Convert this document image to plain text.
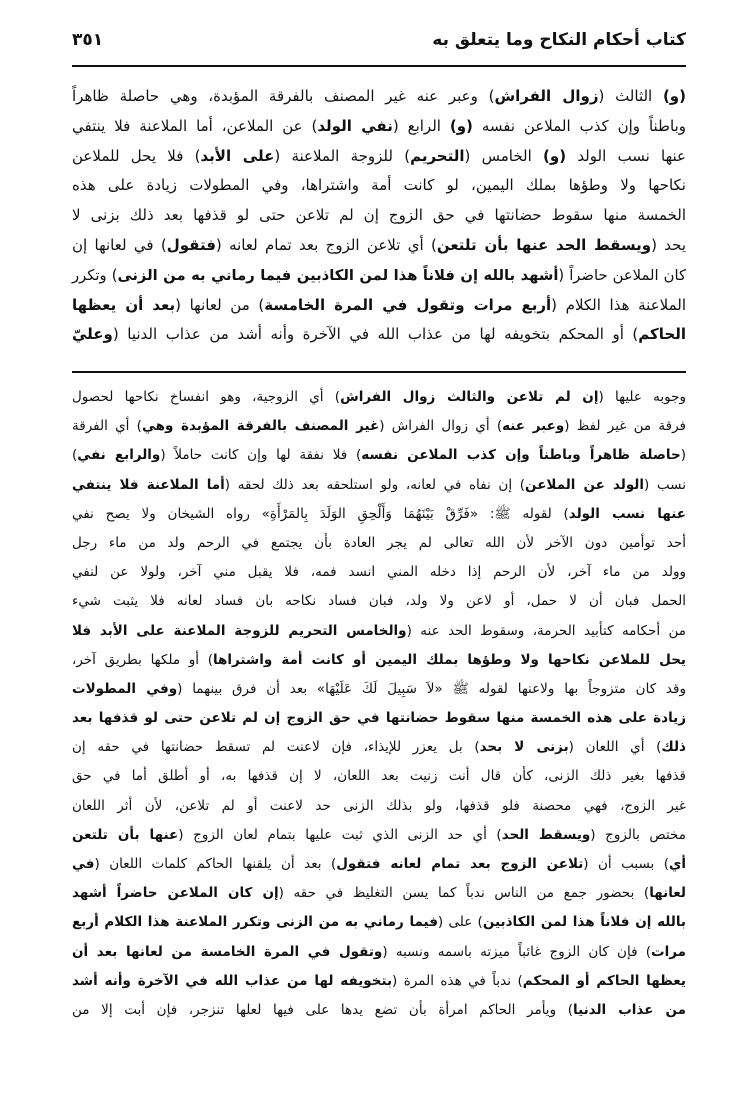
كتاب أحكام النكاح وما يتعلق به
٣٥١
(و) الثالث (زوال الفراش) وعبر عنه غير المصنف بالفرقة المؤبدة، وهي حاصلة ظاهراً
وباطناً وإن كذب الملاعن نفسه (و) الرابع (نفي الولد) عن الملاعن، أما الملاعنة فلا ينتفي
عنها نسب الولد (و) الخامس (التحريم) للزوجة الملاعنة (على الأبد) فلا يحل للملاعن
نكاحها ولا وطؤها بملك اليمين، لو كانت أمة واشتراها، وفي المطولات زيادة على هذه
الخمسة منها سقوط حضانتها في حق الزوج إن لم تلاعن حتى لو قذفها بعد ذلك بزنى لا
يحد (ويسقط الحد عنها بأن تلتعن) أي تلاعن الزوج بعد تمام لعانه (فتقول) في لعانها إن
كان الملاعن حاضراً (أشهد بالله إن فلاناً هذا لمن الكاذبين فيما رماني به من الزنى) وتكرر
الملاعنة هذا الكلام (أربع مرات وتقول في المرة الخامسة) من لعانها (بعد أن يعظها
الحاكم) أو المحكم بتخويفه لها من عذاب الله في الآخرة وأنه أشد من عذاب الدنيا (وعليّ
وجوبه عليها (إن لم تلاعن والثالث زوال الفراش) أي الزوجية، وهو انفساخ نكاحها لحصول
فرقة من غير لفظ (وعبر عنه) أي زوال الفراش (غير المصنف بالفرقة المؤبدة وهي) أي الفرقة
(حاصلة ظاهراً وباطناً وإن كذب الملاعن نفسه) فلا نفقة لها وإن كانت حاملاً (والرابع نفي)
نسب (الولد عن الملاعن) إن نفاه في لعانه، ولو استلحقه بعد ذلك لحقه (أما الملاعنة فلا ينتفي
عنها نسب الولد) لقوله ﷺ: «فَرِّقْ بَيْنَهُمَا وَأَلْحِقِ الوَلَدَ بِالمَرْأَةِ» رواه الشيخان ولا يصح نفي
أحد توأمين دون الآخر لأن الله تعالى لم يجر العادة بأن يجتمع في الرحم ولد من ماء رجل
وولد من ماء آخر، لأن الرحم إذا دخله المني انسد فمه، فلا يقبل مني آخر، ولولا عن لنفي
الحمل فبان أن لا حمل، أو لاعن ولا ولد، فبان فساد نكاحه بان فساد لعانه فلا يثبت شيء
من أحكامه كتأبيد الحرمة، وسقوط الحد عنه (والخامس التحريم للزوجة الملاعنة على الأبد فلا
يحل للملاعن نكاحها ولا وطؤها بملك اليمين أو كانت أمة واشتراها) أو ملكها بطريق آخر،
وقد كان متزوجاً بها ولاعنها لقوله ﷺ «لاَ سَبِيلَ لَكَ عَلَيْهَا» بعد أن فرق بينهما (وفي المطولات
زيادة على هذه الخمسة منها سقوط حضانتها في حق الزوج إن لم تلاعن حتى لو قذفها بعد
ذلك) أي اللعان (بزنى لا بحد) بل يعزر للإيذاء، فإن لاعنت لم تسقط حضانتها في حقه إن
قذفها بغير ذلك الزنى، كأن قال أنت زنيت بعد اللعان، لا إن قذفها به، أو أطلق أما في حق
غير الزوج، فهي محصنة فلو قذفها، ولو بذلك الزنى حد لاعنت أو لم تلاعن، لأن أثر اللعان
مختص بالزوج (ويسقط الحد) أي حد الزنى الذي ثبت عليها بتمام لعان الزوج (عنها بأن تلتعن
أي) بسبب أن (تلاعن الزوج بعد تمام لعانه فتقول) بعد أن يلقنها الحاكم كلمات اللعان (في
لعانها) بحضور جمع من الناس ندباً كما يسن التغليظ في حقه (إن كان الملاعن حاضراً أشهد
بالله إن فلاناً هذا لمن الكاذبين) على (فيما رماني به من الزنى وتكرر الملاعنة هذا الكلام أربع
مرات) فإن كان الزوج غائباً ميزته باسمه ونسبه (وتقول في المرة الخامسة من لعانها بعد أن
يعظها الحاكم أو المحكم) ندباً في هذه المرة (بتخويفه لها من عذاب الله في الآخرة وأنه أشد
من عذاب الدنيا) ويأمر الحاكم امرأة بأن تضع يدها على فيها لعلها تنزجر، فإن أبت إلا من
